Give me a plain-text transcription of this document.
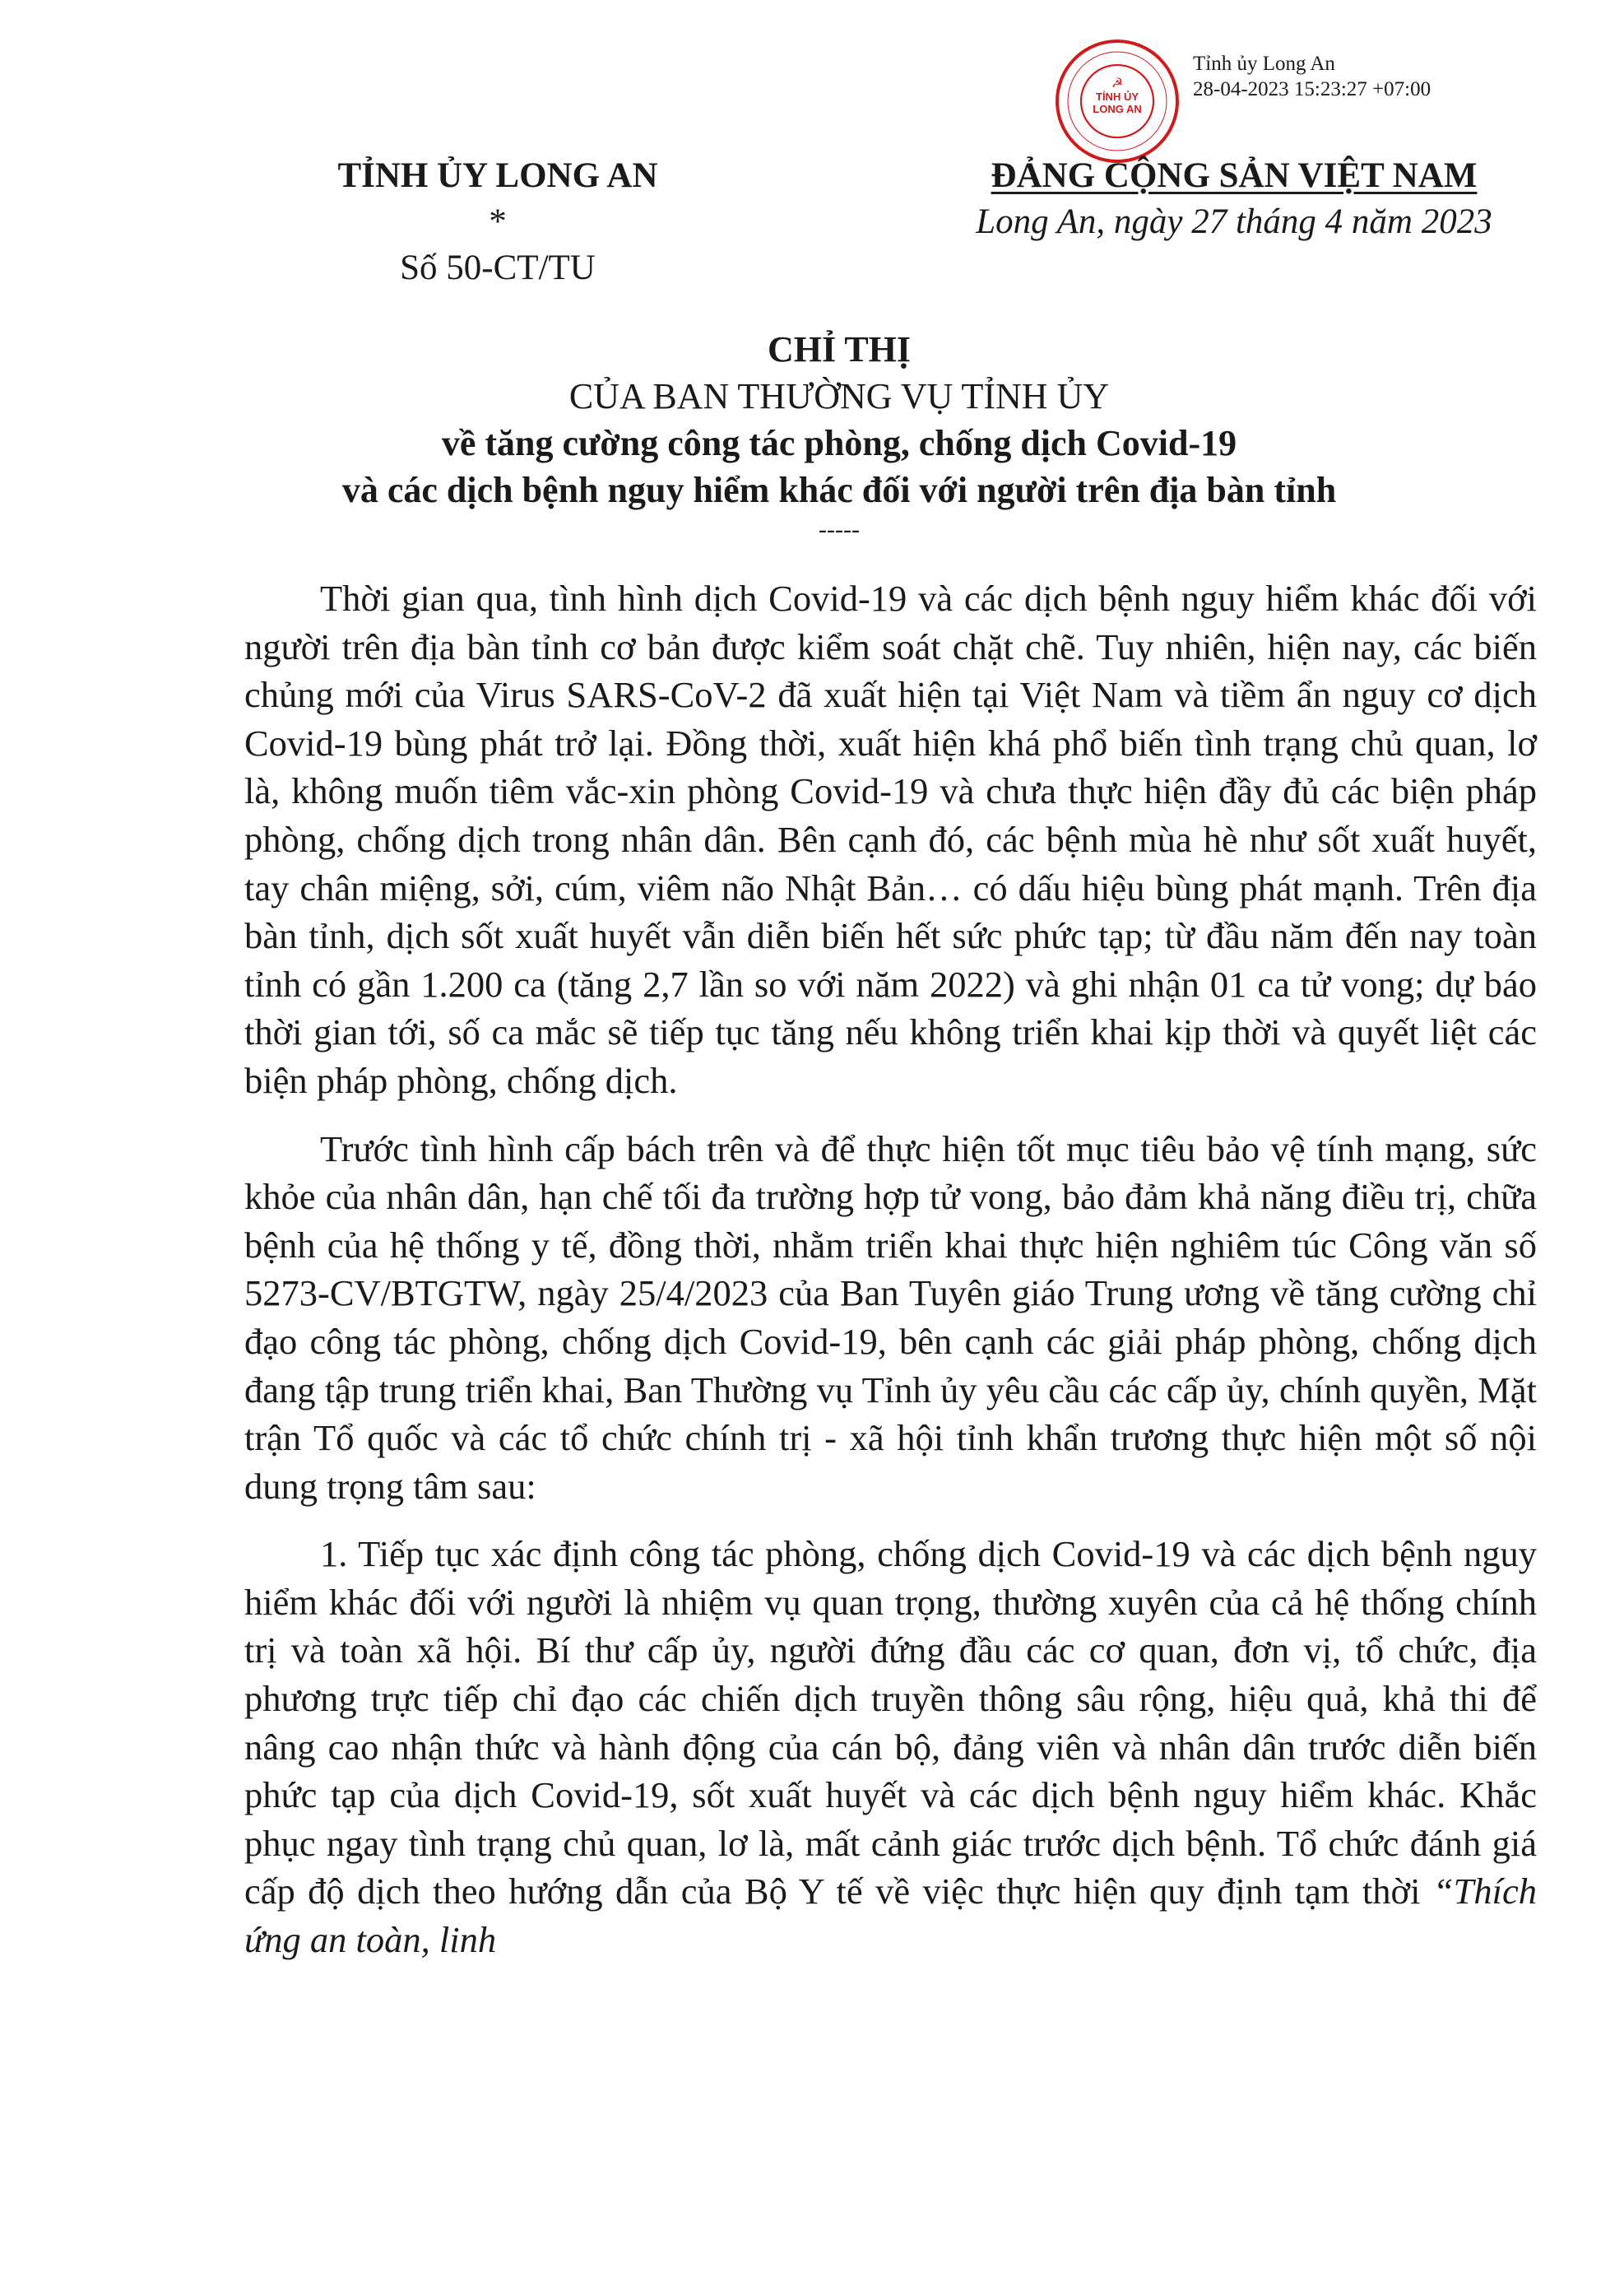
☭
TỈNH ỦY
LONG AN
Tỉnh ủy Long An
28-04-2023 15:23:27 +07:00
TỈNH ỦY LONG AN
*
Số 50-CT/TU
ĐẢNG CỘNG SẢN VIỆT NAM
Long An, ngày 27 tháng 4 năm 2023
CHỈ THỊ
CỦA BAN THƯỜNG VỤ TỈNH ỦY
về tăng cường công tác phòng, chống dịch Covid-19
và các dịch bệnh nguy hiểm khác đối với người trên địa bàn tỉnh
-----

Thời gian qua, tình hình dịch Covid-19 và các dịch bệnh nguy hiểm khác đối với người trên địa bàn tỉnh cơ bản được kiểm soát chặt chẽ. Tuy nhiên, hiện nay, các biến chủng mới của Virus SARS-CoV-2 đã xuất hiện tại Việt Nam và tiềm ẩn nguy cơ dịch Covid-19 bùng phát trở lại. Đồng thời, xuất hiện khá phổ biến tình trạng chủ quan, lơ là, không muốn tiêm vắc-xin phòng Covid-19 và chưa thực hiện đầy đủ các biện pháp phòng, chống dịch trong nhân dân. Bên cạnh đó, các bệnh mùa hè như sốt xuất huyết, tay chân miệng, sởi, cúm, viêm não Nhật Bản… có dấu hiệu bùng phát mạnh. Trên địa bàn tỉnh, dịch sốt xuất huyết vẫn diễn biến hết sức phức tạp; từ đầu năm đến nay toàn tỉnh có gần 1.200 ca (tăng 2,7 lần so với năm 2022) và ghi nhận 01 ca tử vong; dự báo thời gian tới, số ca mắc sẽ tiếp tục tăng nếu không triển khai kịp thời và quyết liệt các biện pháp phòng, chống dịch.

Trước tình hình cấp bách trên và để thực hiện tốt mục tiêu bảo vệ tính mạng, sức khỏe của nhân dân, hạn chế tối đa trường hợp tử vong, bảo đảm khả năng điều trị, chữa bệnh của hệ thống y tế, đồng thời, nhằm triển khai thực hiện nghiêm túc Công văn số 5273-CV/BTGTW, ngày 25/4/2023 của Ban Tuyên giáo Trung ương về tăng cường chỉ đạo công tác phòng, chống dịch Covid-19, bên cạnh các giải pháp phòng, chống dịch đang tập trung triển khai, Ban Thường vụ Tỉnh ủy yêu cầu các cấp ủy, chính quyền, Mặt trận Tổ quốc và các tổ chức chính trị - xã hội tỉnh khẩn trương thực hiện một số nội dung trọng tâm sau:

1. Tiếp tục xác định công tác phòng, chống dịch Covid-19 và các dịch bệnh nguy hiểm khác đối với người là nhiệm vụ quan trọng, thường xuyên của cả hệ thống chính trị và toàn xã hội. Bí thư cấp ủy, người đứng đầu các cơ quan, đơn vị, tổ chức, địa phương trực tiếp chỉ đạo các chiến dịch truyền thông sâu rộng, hiệu quả, khả thi để nâng cao nhận thức và hành động của cán bộ, đảng viên và nhân dân trước diễn biến phức tạp của dịch Covid-19, sốt xuất huyết và các dịch bệnh nguy hiểm khác. Khắc phục ngay tình trạng chủ quan, lơ là, mất cảnh giác trước dịch bệnh. Tổ chức đánh giá cấp độ dịch theo hướng dẫn của Bộ Y tế về việc thực hiện quy định tạm thời “Thích ứng an toàn, linh
